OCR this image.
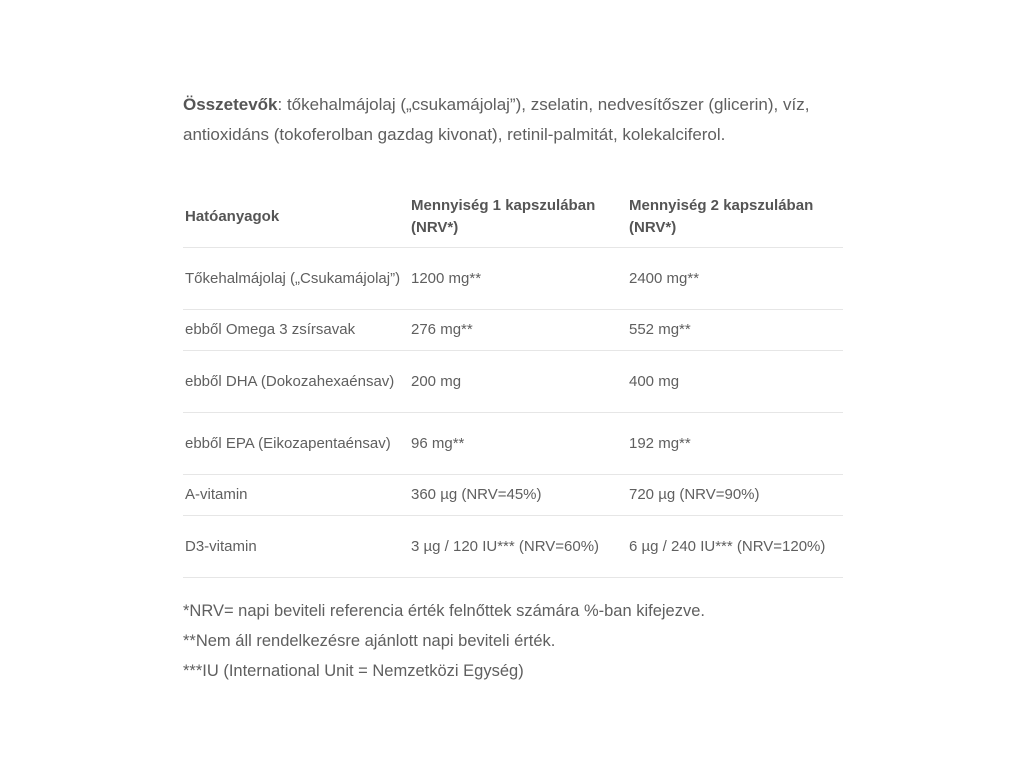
Összetevők: tőkehalmájolaj („csukamájolaj”), zselatin, nedvesítőszer (glicerin), víz, antioxidáns (tokoferolban gazdag kivonat), retinil-palmitát, kolekalciferol.

Hatóanyagok	Mennyiség 1 kapszulában (NRV*)	Mennyiség 2 kapszulában (NRV*)
Tőkehalmájolaj („Csukamájolaj”)	1200 mg**	2400 mg**
ebből Omega 3 zsírsavak	276 mg**	552 mg**
ebből DHA (Dokozahexaénsav)	200 mg	400 mg
ebből EPA (Eikozapentaénsav)	96 mg**	192 mg**
A-vitamin	360 µg (NRV=45%)	720 µg (NRV=90%)
D3-vitamin	3 µg / 120 IU*** (NRV=60%)	6 µg / 240 IU*** (NRV=120%)
*NRV= napi beviteli referencia érték felnőttek számára %-ban kifejezve.
**Nem áll rendelkezésre ajánlott napi beviteli érték.
***IU (International Unit = Nemzetközi Egység)
